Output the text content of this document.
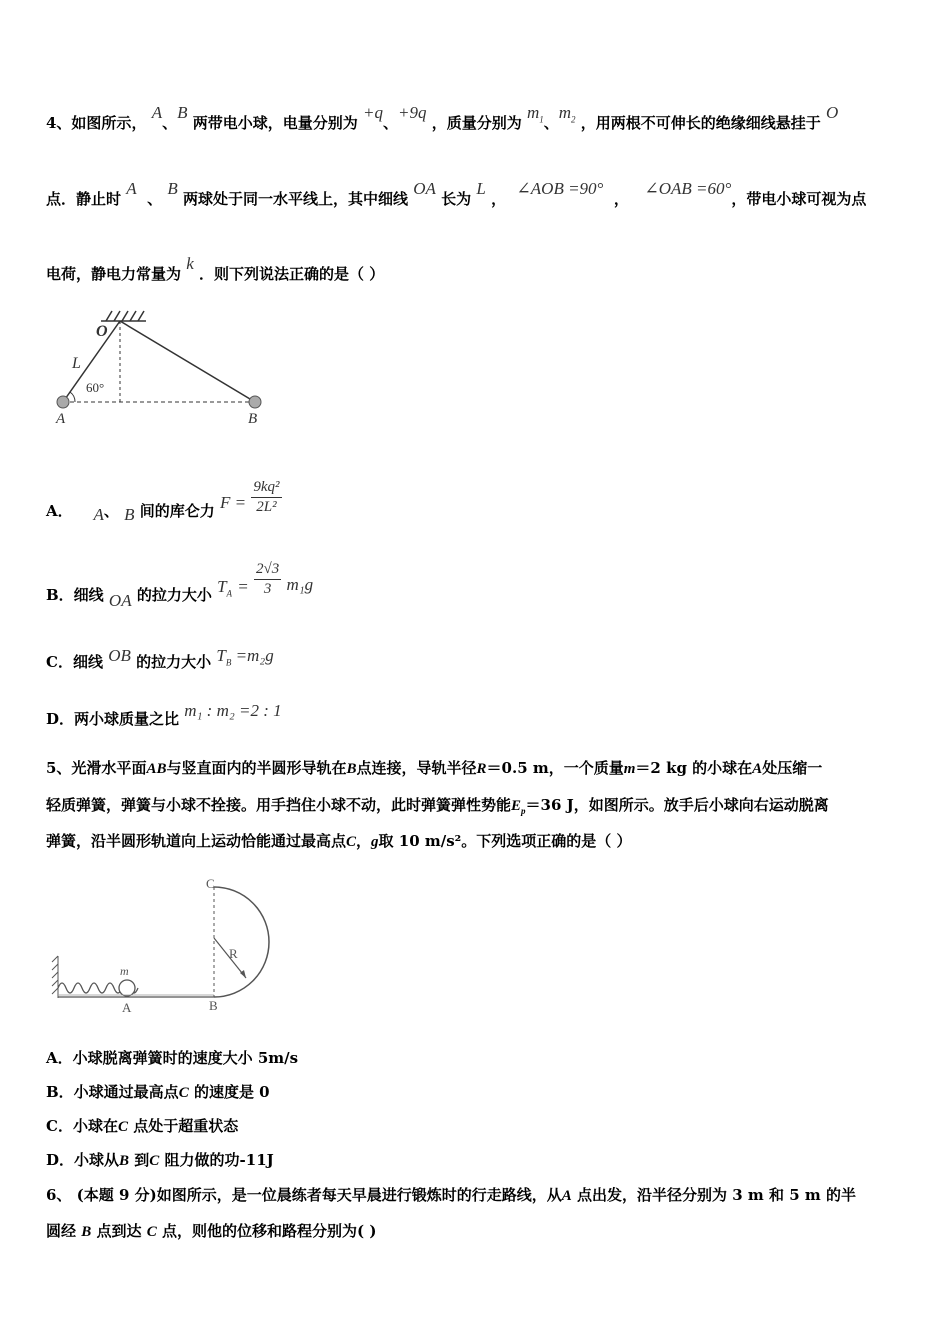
4、如图所示， A、B 两带电小球，电量分别为 +q、+9q ，质量分别为 $m_1$、$m_2$ ，用两根不可伸长的绝缘细线悬挂于 O
点．静止时 A  、 B 两球处于同一水平线上，其中细线 OA 长为 L ，  ∠AOB =90°  ，   ∠OAB =60°，带电小球可视为点
电荷，静电力常量为 k ．则下列说法正确的是（ ）
O
L
60°
A	B
A． A、 B 间的库仑力 $F = \frac{\text{9kq²}}{\text{2L²}}$
B．细线 OA 的拉力大小 $T_A = \frac{2√3}{3} m_1g$
C．细线 OB 的拉力大小 $T_B =m_2g$
D．两小球质量之比 m₁ : m₂ =2 : 1
5、光滑水平面AB与竖直面内的半圆形导轨在B点连接，导轨半径R＝0.5 m，一个质量m＝2 kg 的小球在A处压缩一
轻质弹簧，弹簧与小球不拴接。用手挡住小球不动，此时弹簧弹性势能$E_p=36$ J，如图所示。放手后小球向右运动脱离
弹簧，沿半圆形轨道向上运动恰能通过最高点C，g取 10 m/s²。下列选项正确的是（ ）
C
R
m
A	B
A．小球脱离弹簧时的速度大小 5m/s
B．小球通过最高点C 的速度是 0
C．小球在C 点处于超重状态
D．小球从B 到C 阻力做的功-11J
6、 (本题 9 分)如图所示，是一位晨练者每天早晨进行锻炼时的行走路线，从A 点出发，沿半径分别为 3 m 和 5 m 的半
圆经 B 点到达 C 点，则他的位移和路程分别为( )
